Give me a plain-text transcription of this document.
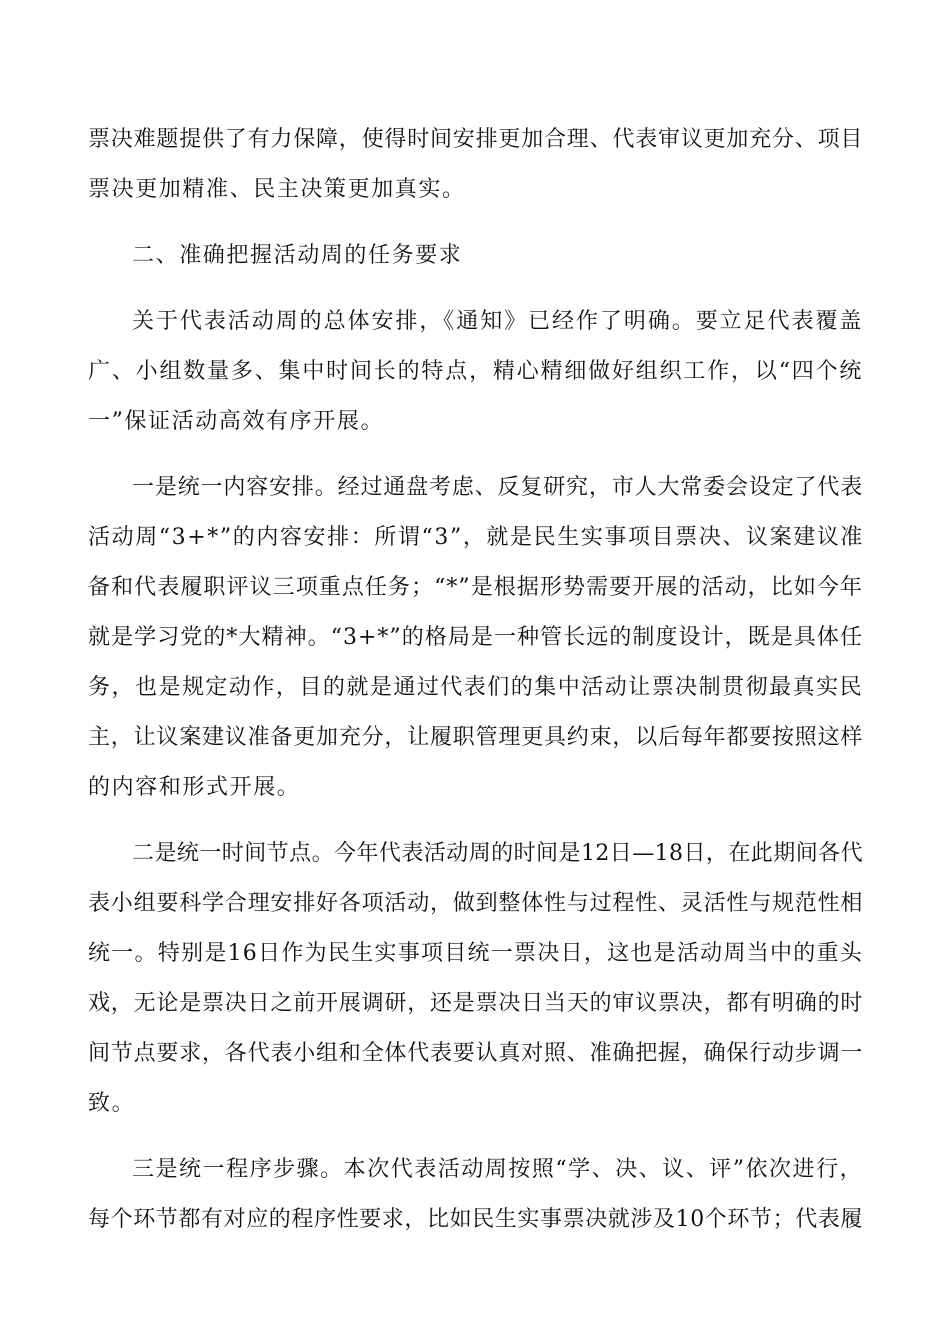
票决难题提供了有力保障，使得时间安排更加合理、代表审议更加充分、项目
票决更加精准、民主决策更加真实。
二、准确把握活动周的任务要求
关于代表活动周的总体安排，《通知》已经作了明确。要立足代表覆盖
广、小组数量多、集中时间长的特点，精心精细做好组织工作，以“四个统
一”保证活动高效有序开展。
一是统一内容安排。经过通盘考虑、反复研究，市人大常委会设定了代表
活动周“3+*”的内容安排：所谓“3”，就是民生实事项目票决、议案建议准
备和代表履职评议三项重点任务；“*”是根据形势需要开展的活动，比如今年
就是学习党的*大精神。“3+*”的格局是一种管长远的制度设计，既是具体任
务，也是规定动作，目的就是通过代表们的集中活动让票决制贯彻最真实民
主，让议案建议准备更加充分，让履职管理更具约束，以后每年都要按照这样
的内容和形式开展。
二是统一时间节点。今年代表活动周的时间是12日—18日，在此期间各代
表小组要科学合理安排好各项活动，做到整体性与过程性、灵活性与规范性相
统一。特别是16日作为民生实事项目统一票决日，这也是活动周当中的重头
戏，无论是票决日之前开展调研，还是票决日当天的审议票决，都有明确的时
间节点要求，各代表小组和全体代表要认真对照、准确把握，确保行动步调一
致。
三是统一程序步骤。本次代表活动周按照“学、决、议、评”依次进行，
每个环节都有对应的程序性要求，比如民生实事票决就涉及10个环节；代表履
